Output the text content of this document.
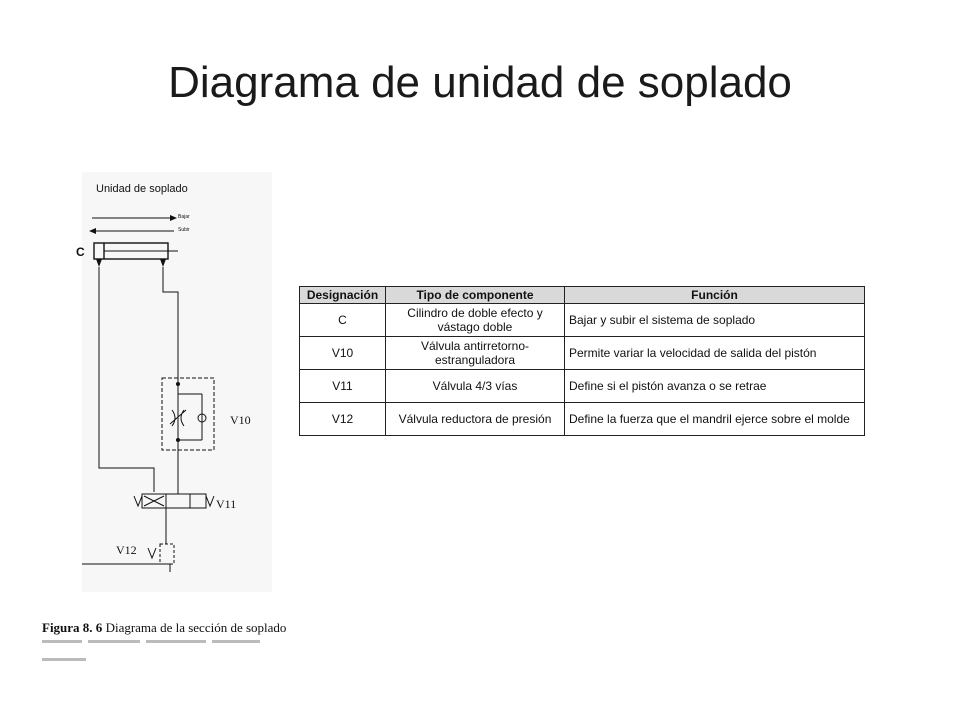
Diagrama de unidad de soplado
Unidad de soplado
Bajar
Subir
C
V10
V11
V12
Figura 8. 6 Diagrama de la sección de soplado
Designación	Tipo de componente	Función
C	Cilindro de doble efecto y vástago doble	Bajar y subir el sistema de soplado
V10	Válvula antirretorno-estranguladora	Permite variar la velocidad de salida del pistón
V11	Válvula 4/3 vías	Define si el pistón avanza o se retrae
V12	Válvula reductora de presión	Define la fuerza que el mandril ejerce sobre el molde
